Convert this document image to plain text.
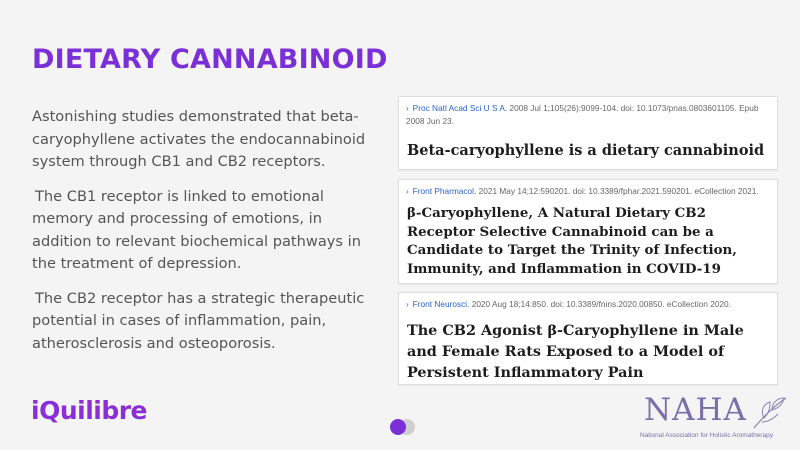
DIETARY CANNABINOID

Astonishing studies demonstrated that beta-caryophyllene activates the endocannabinoid system through CB1 and CB2 receptors.

The CB1 receptor is linked to emotional memory and processing of emotions, in addition to relevant biochemical pathways in the treatment of depression.

The CB2 receptor has a strategic therapeutic potential in cases of inflammation, pain, atherosclerosis and osteoporosis.

› Proc Natl Acad Sci U S A. 2008 Jul 1;105(26):9099-104. doi: 10.1073/pnas.0803601105. Epub 2008 Jun 23.
Beta-caryophyllene is a dietary cannabinoid
› Front Pharmacol. 2021 May 14;12:590201. doi: 10.3389/fphar.2021.590201. eCollection 2021.
β-Caryophyllene, A Natural Dietary CB2 Receptor Selective Cannabinoid can be a Candidate to Target the Trinity of Infection, Immunity, and Inflammation in COVID-19
› Front Neurosci. 2020 Aug 18;14:850. doi: 10.3389/fnins.2020.00850. eCollection 2020.
The CB2 Agonist β-Caryophyllene in Male and Female Rats Exposed to a Model of Persistent Inflammatory Pain
iQuilibre	NAHA
National Association for Holistic Aromatherapy
